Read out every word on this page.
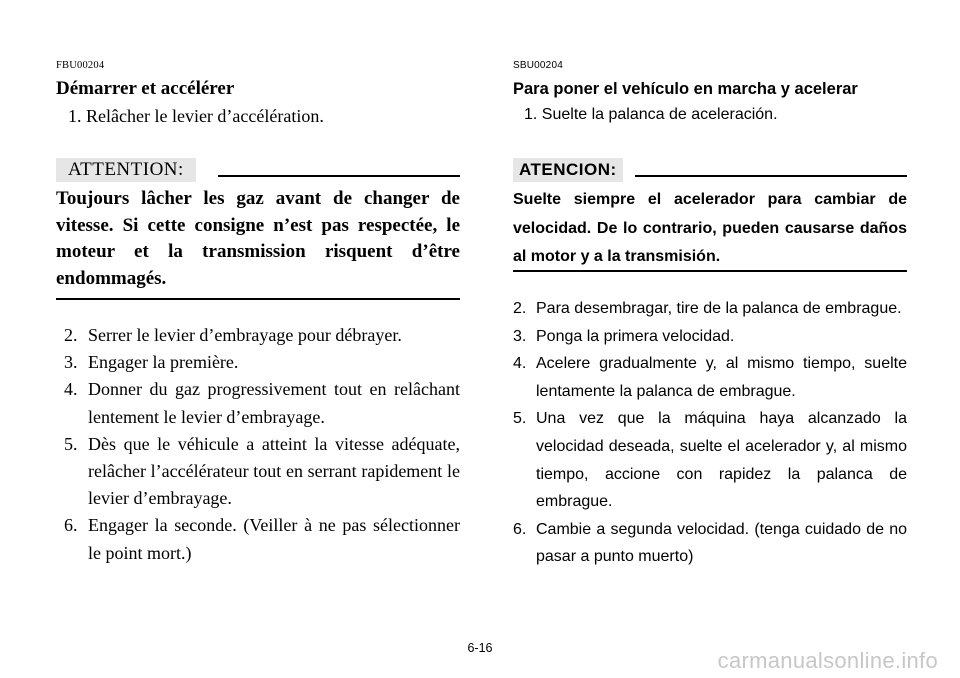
FBU00204
Démarrer et accélérer
1. Relâcher le levier d’accélération.
ATTENTION:
Toujours lâcher les gaz avant de changer de vitesse. Si cette consigne n’est pas respectée, le moteur et la transmission risquent d’être endommagés.
2. Serrer le levier d’embrayage pour débrayer.
3. Engager la première.
4. Donner du gaz progressivement tout en relâchant lentement le levier d’embrayage.
5. Dès que le véhicule a atteint la vitesse adéquate, relâcher l’accélérateur tout en serrant rapidement le levier d’embrayage.
6. Engager la seconde. (Veiller à ne pas sélectionner le point mort.)
SBU00204
Para poner el vehículo en marcha y acelerar
1. Suelte la palanca de aceleración.
ATENCION:
Suelte siempre el acelerador para cambiar de velocidad. De lo contrario, pueden causarse daños al motor y a la transmisión.
2. Para desembragar, tire de la palanca de embrague.
3. Ponga la primera velocidad.
4. Acelere gradualmente y, al mismo tiempo, suelte lentamente la palanca de embrague.
5. Una vez que la máquina haya alcanzado la velocidad deseada, suelte el acelerador y, al mismo tiempo, accione con rapidez la palanca de embrague.
6. Cambie a segunda velocidad. (tenga cuidado de no pasar a punto muerto)
6-16	carmanualsonline.info
